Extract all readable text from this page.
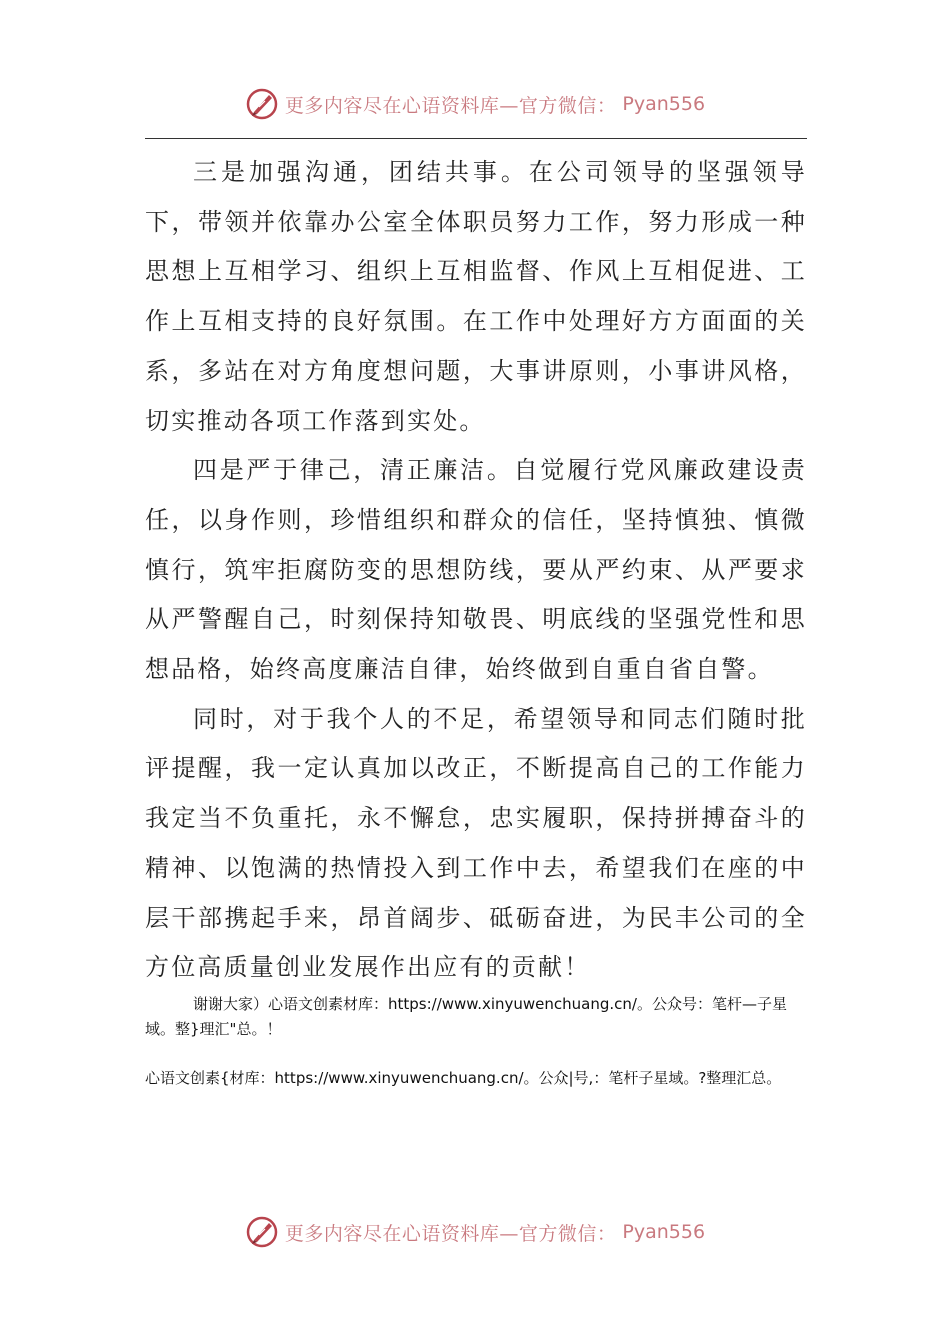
更多内容尽在心语资料库—官方微信： Pyan556

三是加强沟通，团结共事。在公司领导的坚强领导下，带领并依靠办公室全体职员努力工作，努力形成一种思想上互相学习、组织上互相监督、作风上互相促进、工作上互相支持的良好氛围。在工作中处理好方方面面的关系，多站在对方角度想问题，大事讲原则，小事讲风格，切实推动各项工作落到实处。

四是严于律己，清正廉洁。自觉履行党风廉政建设责任，以身作则，珍惜组织和群众的信任，坚持慎独、慎微慎行，筑牢拒腐防变的思想防线，要从严约束、从严要求从严警醒自己，时刻保持知敬畏、明底线的坚强党性和思想品格，始终高度廉洁自律，始终做到自重自省自警。

同时，对于我个人的不足，希望领导和同志们随时批评提醒，我一定认真加以改正，不断提高自己的工作能力我定当不负重托，永不懈怠，忠实履职，保持拼搏奋斗的精神、以饱满的热情投入到工作中去，希望我们在座的中层干部携起手来，昂首阔步、砥砺奋进，为民丰公司的全方位高质量创业发展作出应有的贡献！

谢谢大家）心语文创素材库：https://www.xinyuwenchuang.cn/。公众号：笔杆—子星域。整}理汇"总。！
心语文创素{材库：https://www.xinyuwenchuang.cn/。公众|号,：笔杆子星域。?整理汇总。
更多内容尽在心语资料库—官方微信： Pyan556
